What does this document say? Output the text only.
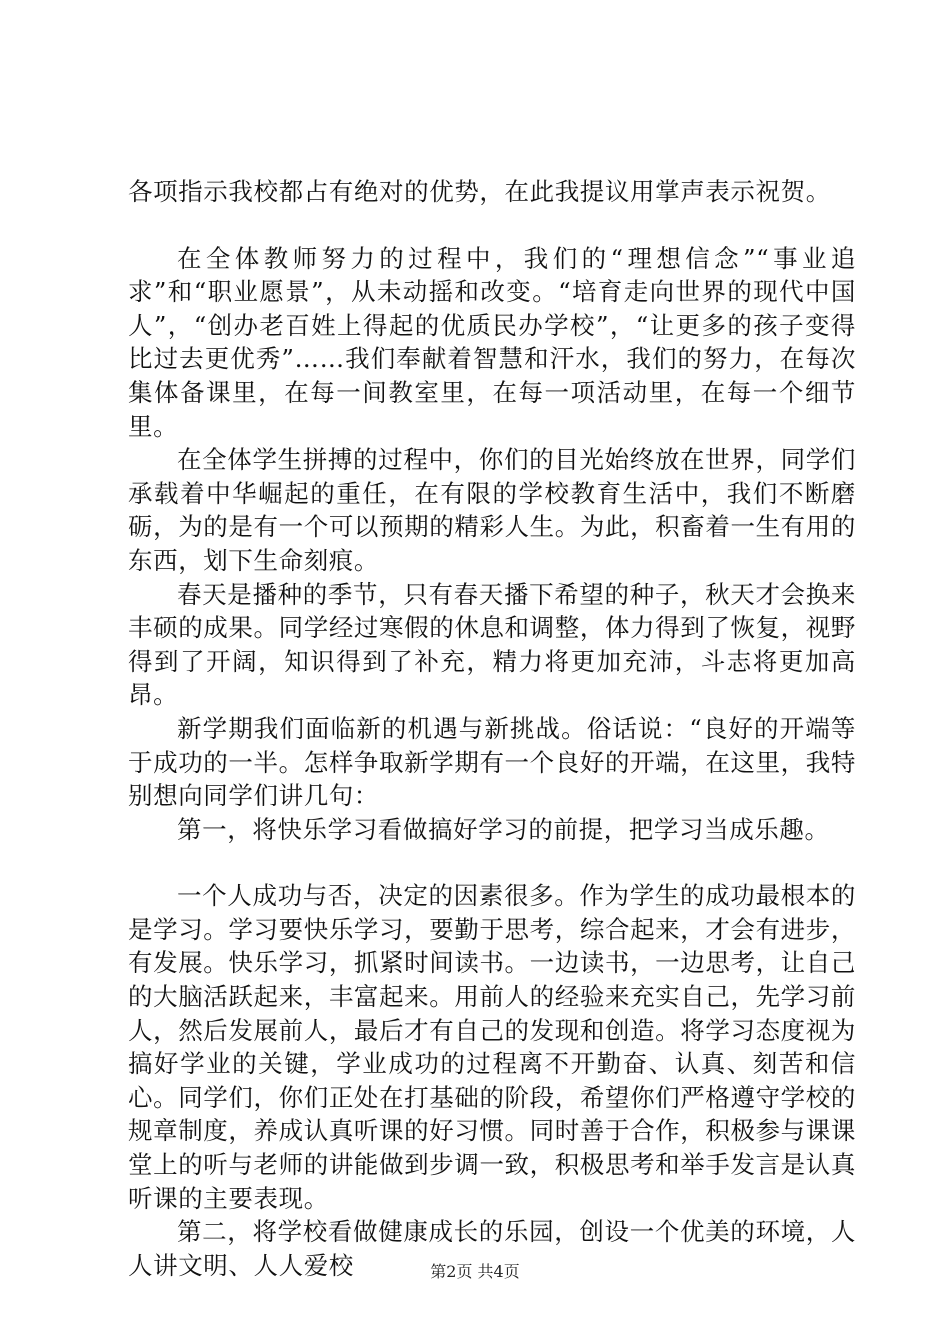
各项指示我校都占有绝对的优势，在此我提议用掌声表示祝贺。

在全体教师努力的过程中，我们的“理想信念”“事业追求”和“职业愿景”，从未动摇和改变。“培育走向世界的现代中国人”，“创办老百姓上得起的优质民办学校”，“让更多的孩子变得比过去更优秀”……我们奉献着智慧和汗水，我们的努力，在每次集体备课里，在每一间教室里，在每一项活动里，在每一个细节里。

在全体学生拼搏的过程中，你们的目光始终放在世界，同学们承载着中华崛起的重任，在有限的学校教育生活中，我们不断磨砺，为的是有一个可以预期的精彩人生。为此，积畜着一生有用的东西，划下生命刻痕。

春天是播种的季节，只有春天播下希望的种子，秋天才会换来丰硕的成果。同学经过寒假的休息和调整，体力得到了恢复，视野得到了开阔，知识得到了补充，精力将更加充沛，斗志将更加高昂。

新学期我们面临新的机遇与新挑战。俗话说：“良好的开端等于成功的一半。怎样争取新学期有一个良好的开端，在这里，我特别想向同学们讲几句：

第一，将快乐学习看做搞好学习的前提，把学习当成乐趣。

一个人成功与否，决定的因素很多。作为学生的成功最根本的是学习。学习要快乐学习，要勤于思考，综合起来，才会有进步，有发展。快乐学习，抓紧时间读书。一边读书，一边思考，让自己的大脑活跃起来，丰富起来。用前人的经验来充实自己，先学习前人，然后发展前人，最后才有自己的发现和创造。将学习态度视为搞好学业的关键，学业成功的过程离不开勤奋、认真、刻苦和信心。同学们，你们正处在打基础的阶段，希望你们严格遵守学校的规章制度，养成认真听课的好习惯。同时善于合作，积极参与课课堂上的听与老师的讲能做到步调一致，积极思考和举手发言是认真听课的主要表现。

第二，将学校看做健康成长的乐园，创设一个优美的环境，人人讲文明、人人爱校	第2页 共4页
